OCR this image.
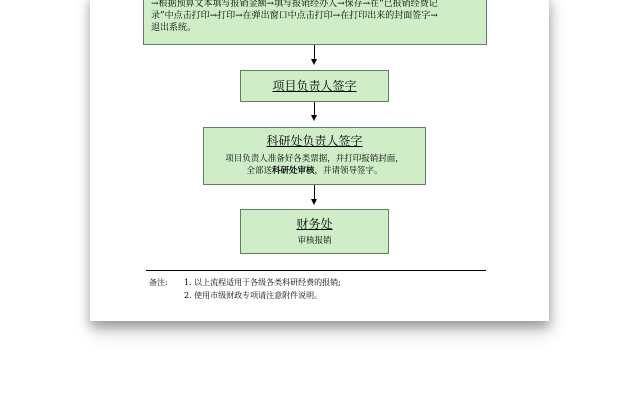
→根据预算文本填写报销金额→填写报销经办人→保存→在“已报销经费记
录”中点击打印→打印→在弹出窗口中点击打印→在打印出来的封面签字→
退出系统。
项目负责人签字
科研处负责人签字
项目负责人准备好各类票据，并打印报销封面，
全部送科研处审核，并请领导签字。
财务处
审核报销
备注: 1. 以上流程适用于各级各类科研经费的报销;
2. 使用市级财政专项请注意附件说明。
